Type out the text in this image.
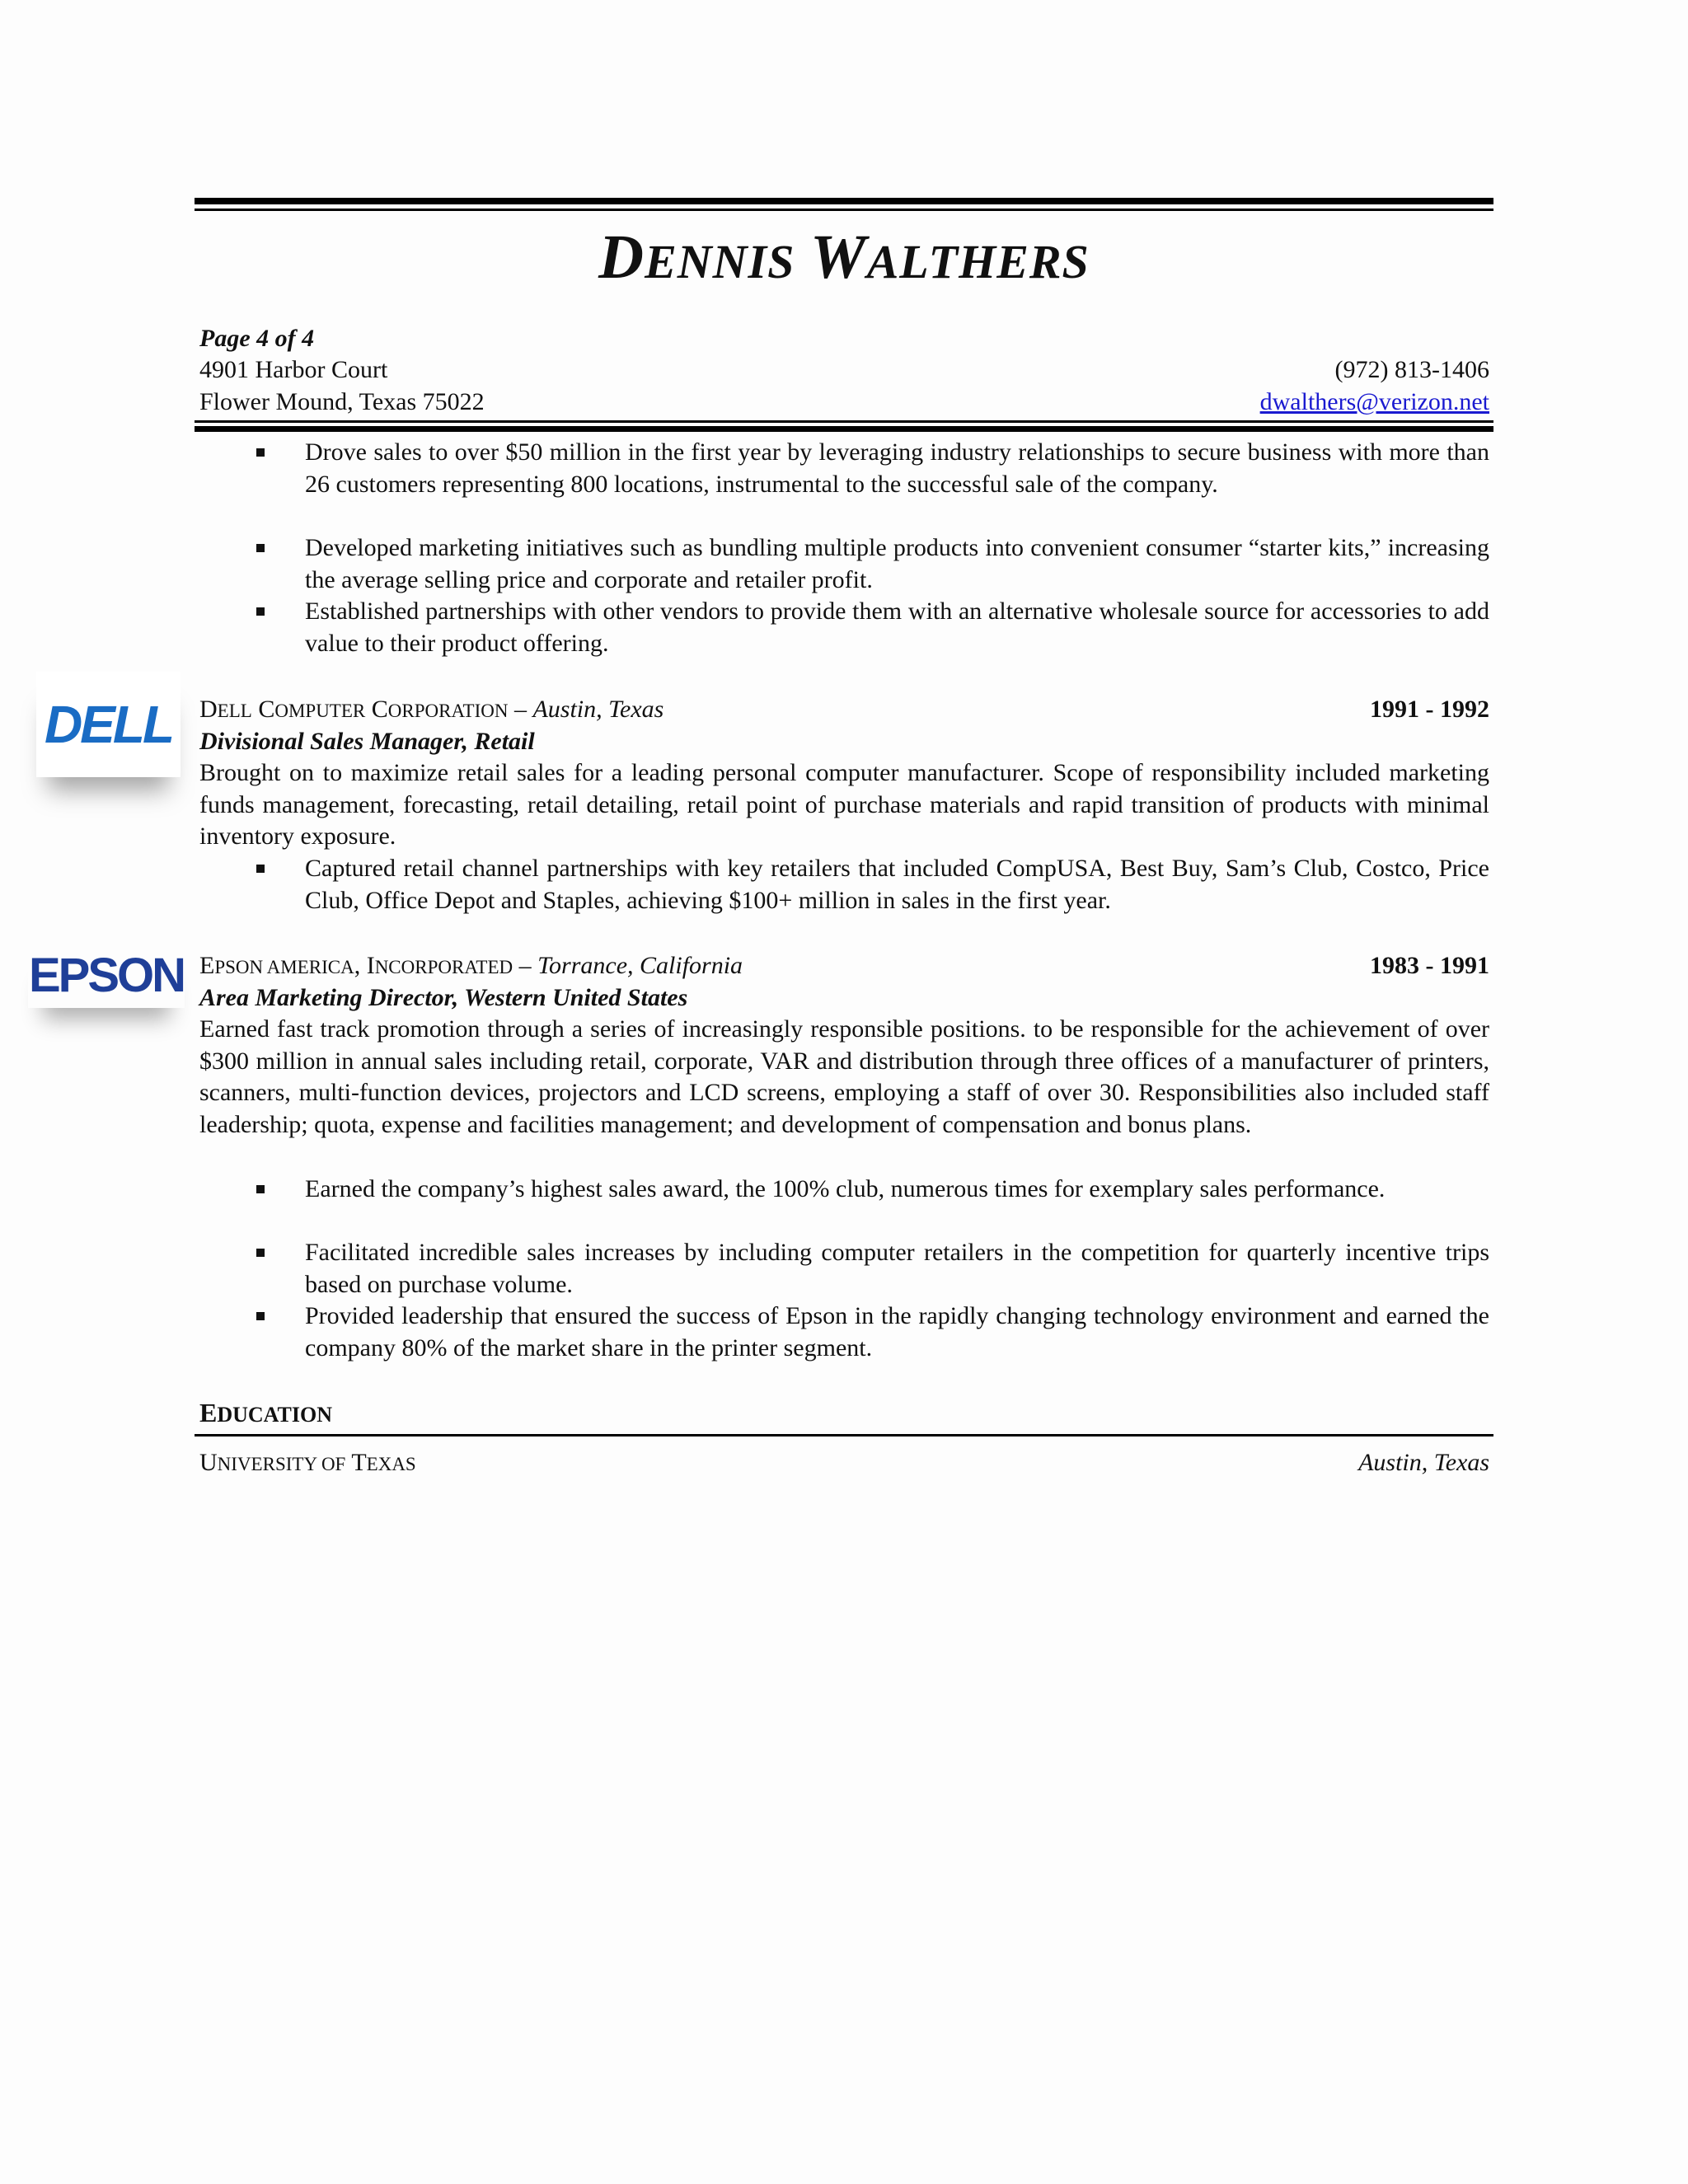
DENNIS WALTHERS
Page 4 of 4
4901 Harbor Court	(972) 813-1406
Flower Mound, Texas 75022	dwalthers@verizon.net
Drove sales to over $50 million in the first year by leveraging industry relationships to secure business with more than 26 customers representing 800 locations, instrumental to the successful sale of the company.
Developed marketing initiatives such as bundling multiple products into convenient consumer “starter kits,” increasing the average selling price and corporate and retailer profit.
Established partnerships with other vendors to provide them with an alternative wholesale source for accessories to add value to their product offering.
DELL DELL COMPUTER CORPORATION – Austin, Texas	1991 - 1992
Divisional Sales Manager, Retail
Brought on to maximize retail sales for a leading personal computer manufacturer. Scope of responsibility included marketing funds management, forecasting, retail detailing, retail point of purchase materials and rapid transition of products with minimal inventory exposure.
Captured retail channel partnerships with key retailers that included CompUSA, Best Buy, Sam’s Club, Costco, Price Club, Office Depot and Staples, achieving $100+ million in sales in the first year.
EPSON EPSON AMERICA, INCORPORATED – Torrance, California	1983 - 1991
Area Marketing Director, Western United States
Earned fast track promotion through a series of increasingly responsible positions. to be responsible for the achievement of over $300 million in annual sales including retail, corporate, VAR and distribution through three offices of a manufacturer of printers, scanners, multi-function devices, projectors and LCD screens, employing a staff of over 30. Responsibilities also included staff leadership; quota, expense and facilities management; and development of compensation and bonus plans.
Earned the company’s highest sales award, the 100% club, numerous times for exemplary sales performance.
Facilitated incredible sales increases by including computer retailers in the competition for quarterly incentive trips based on purchase volume.
Provided leadership that ensured the success of Epson in the rapidly changing technology environment and earned the company 80% of the market share in the printer segment.
EDUCATION
UNIVERSITY OF TEXAS	Austin, Texas
